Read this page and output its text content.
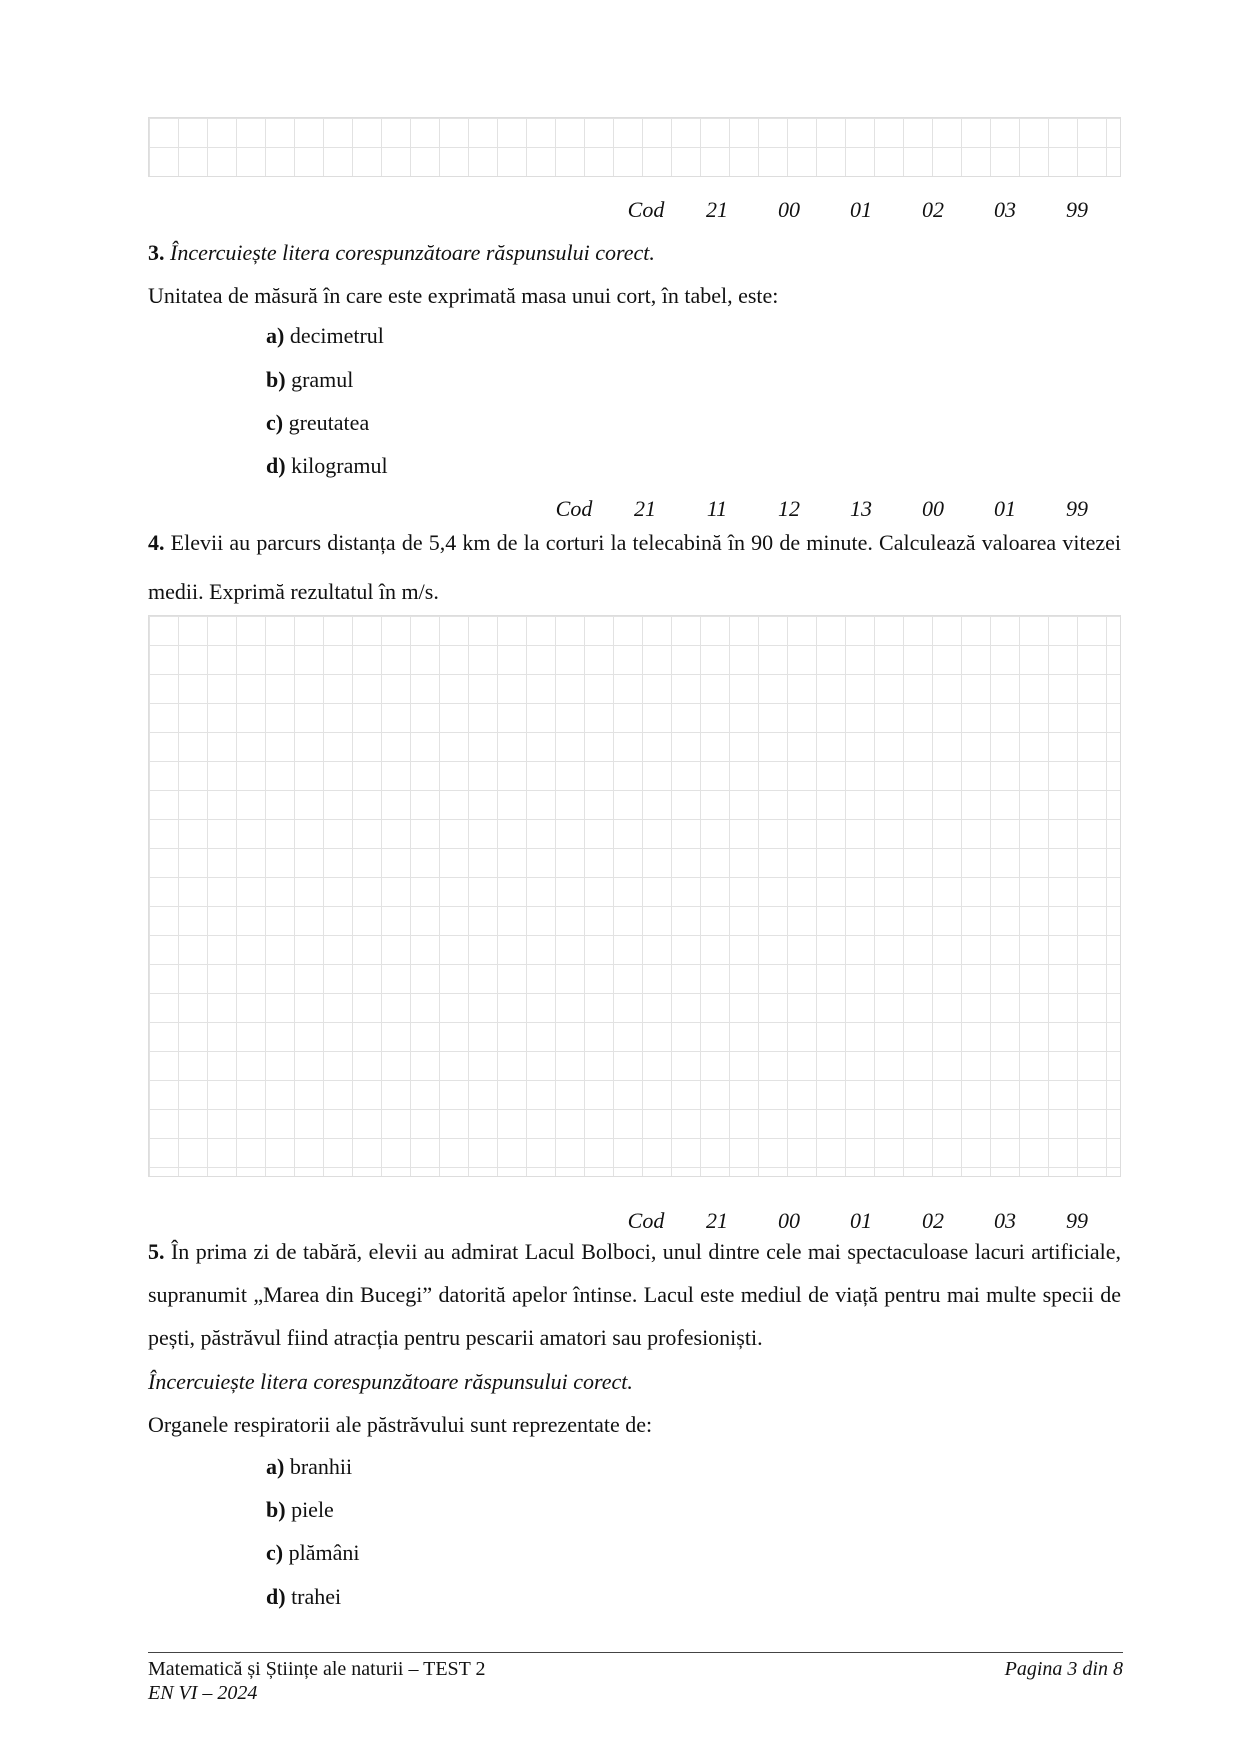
Cod	21	00	01	02	03	99
3. Încercuiește litera corespunzătoare răspunsului corect.
Unitatea de măsură în care este exprimată masa unui cort, în tabel, este:
a) decimetrul
b) gramul
c) greutatea
d) kilogramul
Cod	21	11	12	13	00	01	99
4. Elevii au parcurs distanța de 5,4 km de la corturi la telecabină în 90 de minute. Calculează valoarea vitezei medii. Exprimă rezultatul în m/s.
Cod	21	00	01	02	03	99
5. În prima zi de tabără, elevii au admirat Lacul Bolboci, unul dintre cele mai spectaculoase lacuri artificiale, supranumit „Marea din Bucegi” datorită apelor întinse. Lacul este mediul de viață pentru mai multe specii de pești, păstrăvul fiind atracția pentru pescarii amatori sau profesioniști.
Încercuiește litera corespunzătoare răspunsului corect.
Organele respiratorii ale păstrăvului sunt reprezentate de:
a) branhii
b) piele
c) plămâni
d) trahei
Matematică și Științe ale naturii – TEST 2
EN VI – 2024
Pagina 3 din 8
